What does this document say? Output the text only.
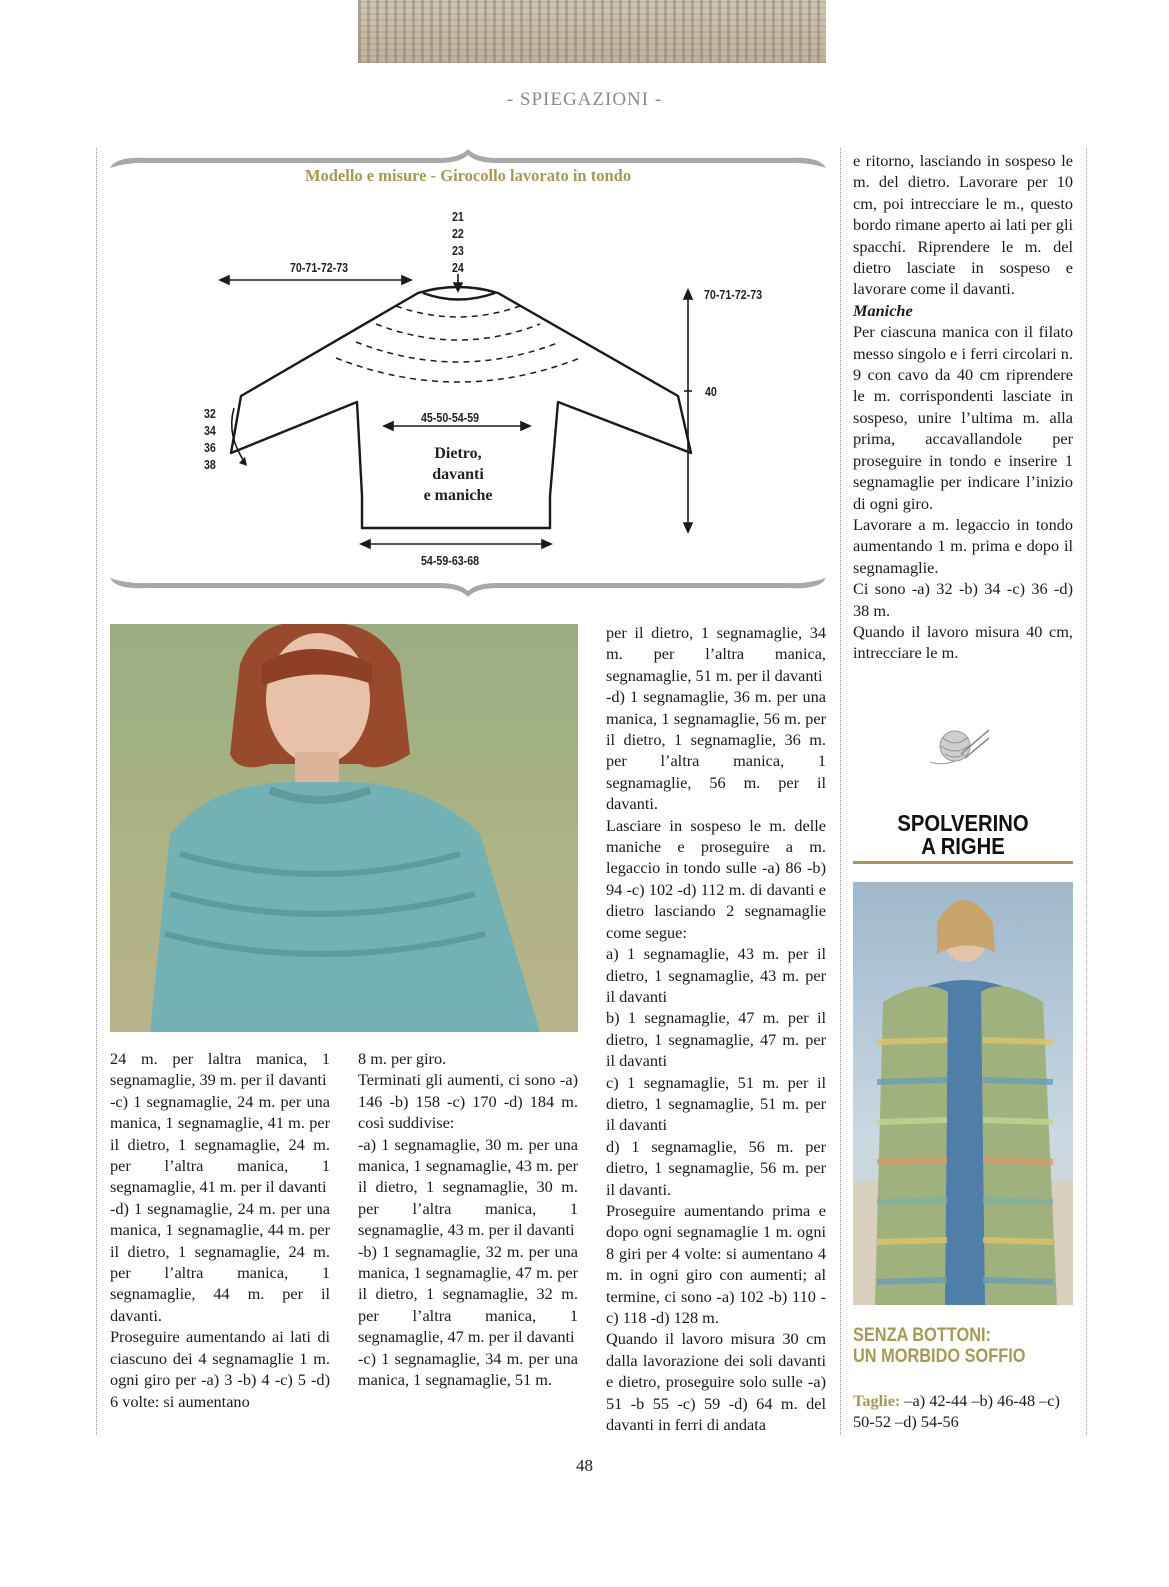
- SPIEGAZIONI -
Modello e misure - Girocollo lavorato in tondo
21
22
23
24
70-71-72-73
70-71-72-73
40
32
34
36
38
45-50-54-59
Dietro,
davanti
e maniche
54-59-63-68

24 m. per laltra manica, 1 segnamaglie, 39 m. per il davanti

-c) 1 segnamaglie, 24 m. per una manica, 1 segnamaglie, 41 m. per il dietro, 1 segnamaglie, 24 m. per l’altra manica, 1 segnamaglie, 41 m. per il davanti

-d) 1 segnamaglie, 24 m. per una manica, 1 segnamaglie, 44 m. per il dietro, 1 segnamaglie, 24 m. per l’altra manica, 1 segnamaglie, 44 m. per il davanti.

Proseguire aumentando ai lati di ciascuno dei 4 segnamaglie 1 m. ogni giro per -a) 3 -b) 4 -c) 5 -d) 6 volte: si aumentano

8 m. per giro.

Terminati gli aumenti, ci sono -a) 146 -b) 158 -c) 170 -d) 184 m. così suddivise:

-a) 1 segnamaglie, 30 m. per una manica, 1 segnamaglie, 43 m. per il dietro, 1 segnamaglie, 30 m. per l’altra manica, 1 segnamaglie, 43 m. per il davanti

-b) 1 segnamaglie, 32 m. per una manica, 1 segnamaglie, 47 m. per il dietro, 1 segnamaglie, 32 m. per l’altra manica, 1 segnamaglie, 47 m. per il davanti

-c) 1 segnamaglie, 34 m. per una manica, 1 segnamaglie, 51 m.

per il dietro, 1 segnamaglie, 34 m. per l’altra manica, segnamaglie, 51 m. per il davanti

-d) 1 segnamaglie, 36 m. per una manica, 1 segnamaglie, 56 m. per il dietro, 1 segnamaglie, 36 m. per l’altra manica, 1 segnamaglie, 56 m. per il davanti.

Lasciare in sospeso le m. delle maniche e proseguire a m. legaccio in tondo sulle -a) 86 -b) 94 -c) 102 -d) 112 m. di davanti e dietro lasciando 2 segnamaglie come segue:

a) 1 segnamaglie, 43 m. per il dietro, 1 segnamaglie, 43 m. per il davanti

b) 1 segnamaglie, 47 m. per il dietro, 1 segnamaglie, 47 m. per il davanti

c) 1 segnamaglie, 51 m. per il dietro, 1 segnamaglie, 51 m. per il davanti

d) 1 segnamaglie, 56 m. per dietro, 1 segnamaglie, 56 m. per il davanti.

Proseguire aumentando prima e dopo ogni segnamaglie 1 m. ogni 8 giri per 4 volte: si aumentano 4 m. in ogni giro con aumenti; al termine, ci sono -a) 102 -b) 110 -c) 118 -d) 128 m.

Quando il lavoro misura 30 cm dalla lavorazione dei soli davanti e dietro, proseguire solo sulle -a) 51 -b 55 -c) 59 -d) 64 m. del davanti in ferri di andata

e ritorno, lasciando in sospeso le m. del dietro. Lavorare per 10 cm, poi intrecciare le m., questo bordo rimane aperto ai lati per gli spacchi. Riprendere le m. del dietro lasciate in sospeso e lavorare come il davanti.

Maniche

Per ciascuna manica con il filato messo singolo e i ferri circolari n. 9 con cavo da 40 cm riprendere le m. corrispondenti lasciate in sospeso, unire l’ultima m. alla prima, accavallandole per proseguire in tondo e inserire 1 segnamaglie per indicare l’inizio di ogni giro.

Lavorare a m. legaccio in tondo aumentando 1 m. prima e dopo il segnamaglie.

Ci sono -a) 32 -b) 34 -c) 36 -d) 38 m.

Quando il lavoro misura 40 cm, intrecciare le m.

SPOLVERINO
A RIGHE
SENZA BOTTONI:
UN MORBIDO SOFFIO
Taglie: –a) 42-44 –b) 46-48 –c) 50-52 –d) 54-56
48
